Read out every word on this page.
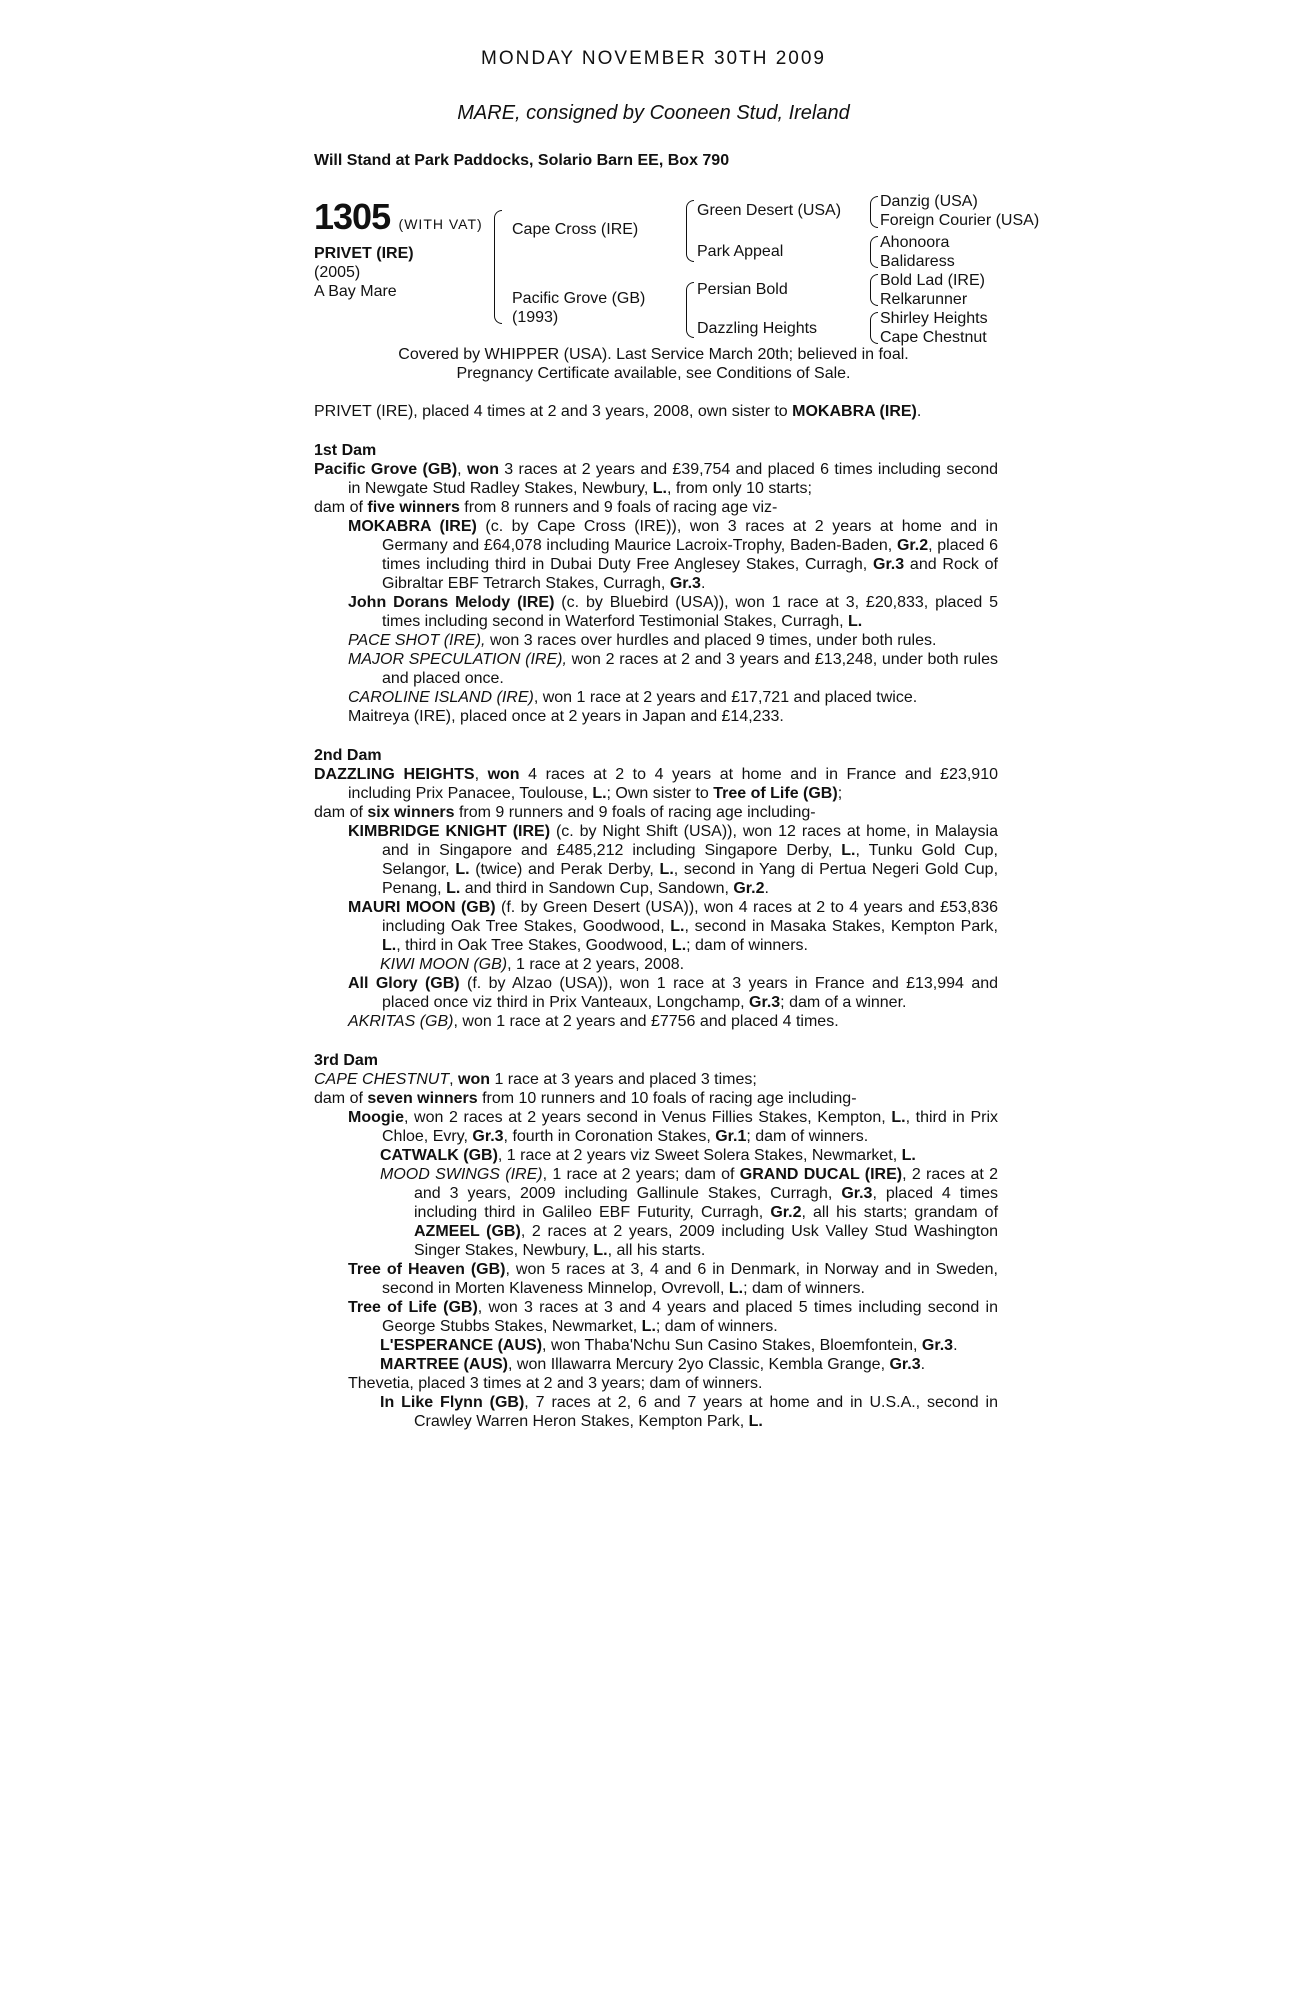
MONDAY NOVEMBER 30TH 2009
MARE, consigned by Cooneen Stud, Ireland
Will Stand at Park Paddocks, Solario Barn EE, Box 790
1305 (WITH VAT)
PRIVET (IRE)
(2005)
A Bay Mare
Cape Cross (IRE)
Pacific Grove (GB)
(1993)
Green Desert (USA)
Park Appeal
Persian Bold
Dazzling Heights
Danzig (USA)
Foreign Courier (USA)
Ahonoora
Balidaress
Bold Lad (IRE)
Relkarunner
Shirley Heights
Cape Chestnut
Covered by WHIPPER (USA). Last Service March 20th; believed in foal.
Pregnancy Certificate available, see Conditions of Sale.

PRIVET (IRE), placed 4 times at 2 and 3 years, 2008, own sister to MOKABRA (IRE).

1st Dam

Pacific Grove (GB), won 3 races at 2 years and £39,754 and placed 6 times including second in Newgate Stud Radley Stakes, Newbury, L., from only 10 starts;

dam of five winners from 8 runners and 9 foals of racing age viz-

MOKABRA (IRE) (c. by Cape Cross (IRE)), won 3 races at 2 years at home and in Germany and £64,078 including Maurice Lacroix-Trophy, Baden-Baden, Gr.2, placed 6 times including third in Dubai Duty Free Anglesey Stakes, Curragh, Gr.3 and Rock of Gibraltar EBF Tetrarch Stakes, Curragh, Gr.3.

John Dorans Melody (IRE) (c. by Bluebird (USA)), won 1 race at 3, £20,833, placed 5 times including second in Waterford Testimonial Stakes, Curragh, L.

PACE SHOT (IRE), won 3 races over hurdles and placed 9 times, under both rules.

MAJOR SPECULATION (IRE), won 2 races at 2 and 3 years and £13,248, under both rules and placed once.

CAROLINE ISLAND (IRE), won 1 race at 2 years and £17,721 and placed twice.

Maitreya (IRE), placed once at 2 years in Japan and £14,233.

2nd Dam

DAZZLING HEIGHTS, won 4 races at 2 to 4 years at home and in France and £23,910 including Prix Panacee, Toulouse, L.; Own sister to Tree of Life (GB);

dam of six winners from 9 runners and 9 foals of racing age including-

KIMBRIDGE KNIGHT (IRE) (c. by Night Shift (USA)), won 12 races at home, in Malaysia and in Singapore and £485,212 including Singapore Derby, L., Tunku Gold Cup, Selangor, L. (twice) and Perak Derby, L., second in Yang di Pertua Negeri Gold Cup, Penang, L. and third in Sandown Cup, Sandown, Gr.2.

MAURI MOON (GB) (f. by Green Desert (USA)), won 4 races at 2 to 4 years and £53,836 including Oak Tree Stakes, Goodwood, L., second in Masaka Stakes, Kempton Park, L., third in Oak Tree Stakes, Goodwood, L.; dam of winners.

KIWI MOON (GB), 1 race at 2 years, 2008.

All Glory (GB) (f. by Alzao (USA)), won 1 race at 3 years in France and £13,994 and placed once viz third in Prix Vanteaux, Longchamp, Gr.3; dam of a winner.

AKRITAS (GB), won 1 race at 2 years and £7756 and placed 4 times.

3rd Dam

CAPE CHESTNUT, won 1 race at 3 years and placed 3 times;

dam of seven winners from 10 runners and 10 foals of racing age including-

Moogie, won 2 races at 2 years second in Venus Fillies Stakes, Kempton, L., third in Prix Chloe, Evry, Gr.3, fourth in Coronation Stakes, Gr.1; dam of winners.

CATWALK (GB), 1 race at 2 years viz Sweet Solera Stakes, Newmarket, L.

MOOD SWINGS (IRE), 1 race at 2 years; dam of GRAND DUCAL (IRE), 2 races at 2 and 3 years, 2009 including Gallinule Stakes, Curragh, Gr.3, placed 4 times including third in Galileo EBF Futurity, Curragh, Gr.2, all his starts; grandam of AZMEEL (GB), 2 races at 2 years, 2009 including Usk Valley Stud Washington Singer Stakes, Newbury, L., all his starts.

Tree of Heaven (GB), won 5 races at 3, 4 and 6 in Denmark, in Norway and in Sweden, second in Morten Klaveness Minnelop, Ovrevoll, L.; dam of winners.

Tree of Life (GB), won 3 races at 3 and 4 years and placed 5 times including second in George Stubbs Stakes, Newmarket, L.; dam of winners.

L'ESPERANCE (AUS), won Thaba'Nchu Sun Casino Stakes, Bloemfontein, Gr.3.

MARTREE (AUS), won Illawarra Mercury 2yo Classic, Kembla Grange, Gr.3.

Thevetia, placed 3 times at 2 and 3 years; dam of winners.

In Like Flynn (GB), 7 races at 2, 6 and 7 years at home and in U.S.A., second in Crawley Warren Heron Stakes, Kempton Park, L.
